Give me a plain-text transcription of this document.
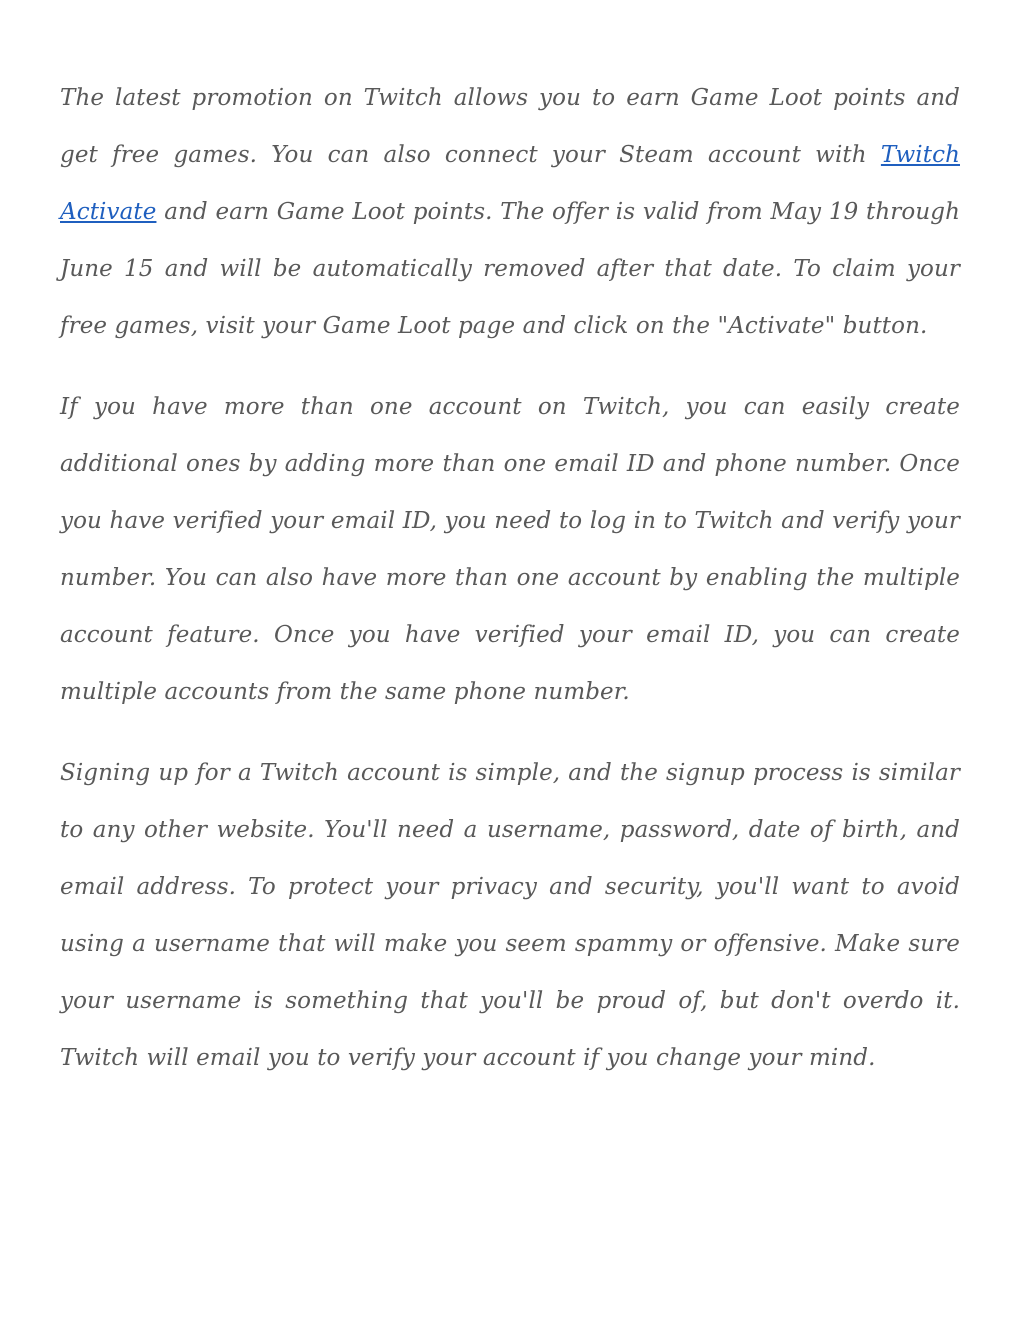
The latest promotion on Twitch allows you to earn Game Loot points and get free games. You can also connect your Steam account with Twitch Activate and earn Game Loot points. The offer is valid from May 19 through June 15 and will be automatically removed after that date. To claim your free games, visit your Game Loot page and click on the "Activate" button.

If you have more than one account on Twitch, you can easily create additional ones by adding more than one email ID and phone number. Once you have verified your email ID, you need to log in to Twitch and verify your number. You can also have more than one account by enabling the multiple account feature. Once you have verified your email ID, you can create multiple accounts from the same phone number.

Signing up for a Twitch account is simple, and the signup process is similar to any other website. You'll need a username, password, date of birth, and email address. To protect your privacy and security, you'll want to avoid using a username that will make you seem spammy or offensive. Make sure your username is something that you'll be proud of, but don't overdo it. Twitch will email you to verify your account if you change your mind.
